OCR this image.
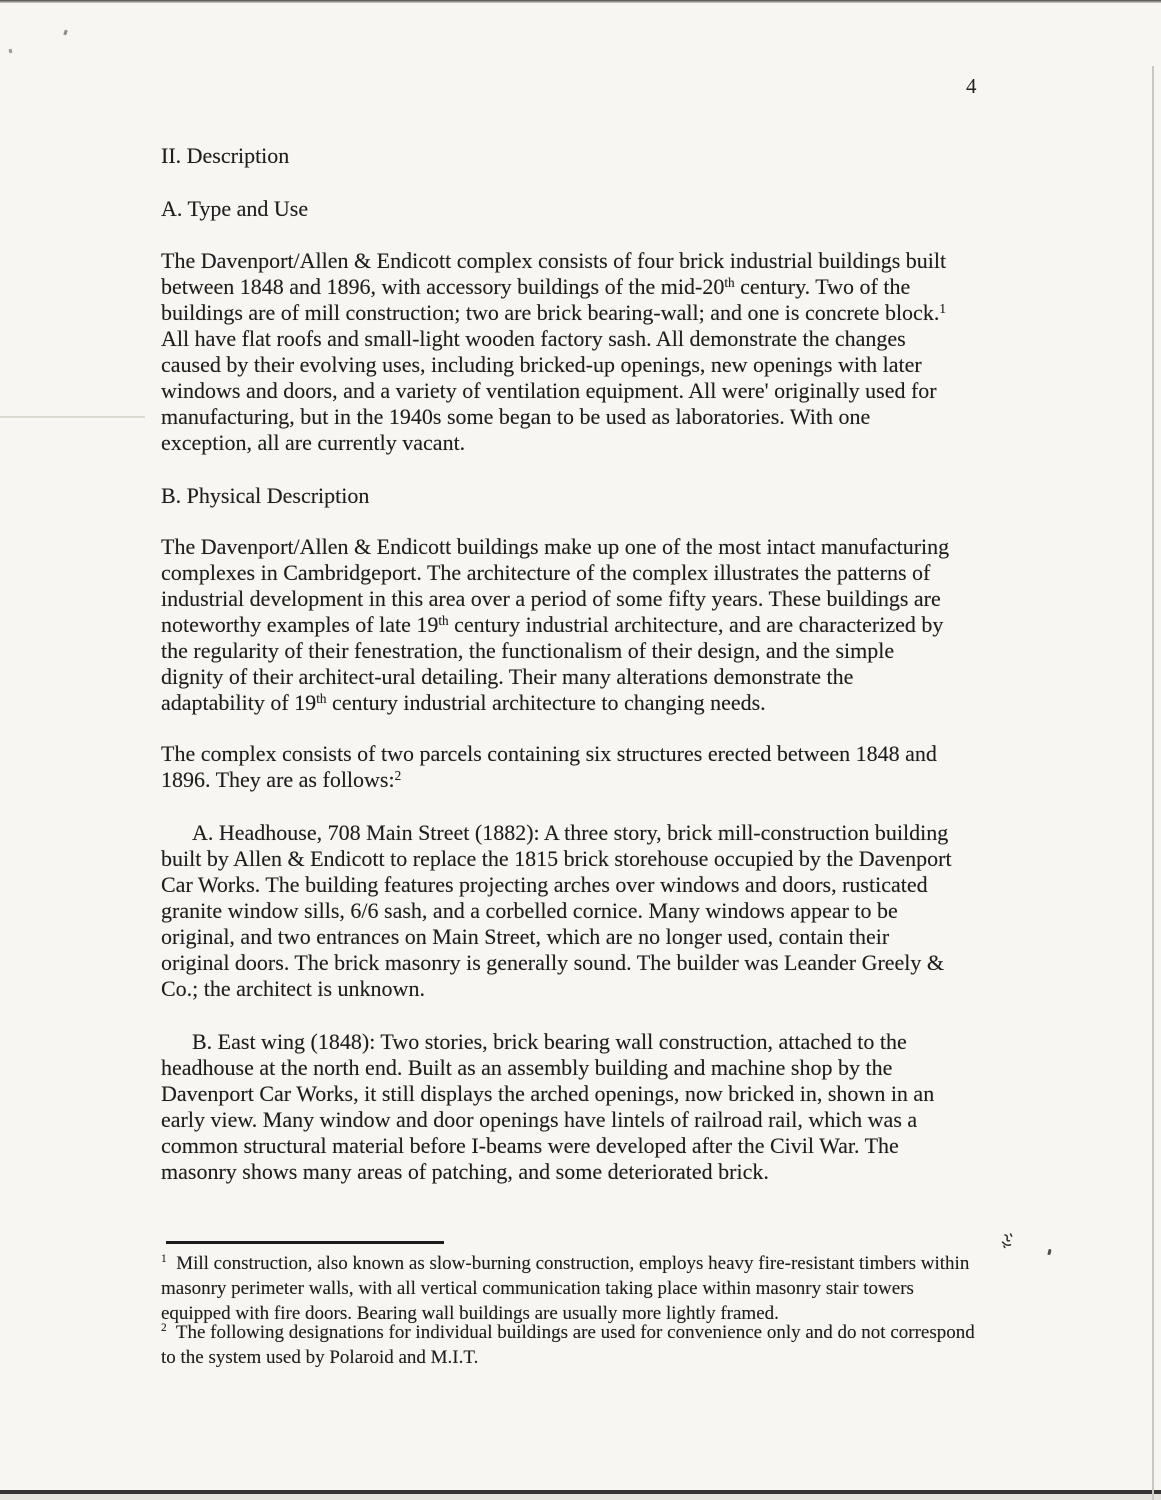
4
II. Description
A. Type and Use
The Davenport/Allen & Endicott complex consists of four brick industrial buildings built
between 1848 and 1896, with accessory buildings of the mid-20th century. Two of the
buildings are of mill construction; two are brick bearing-wall; and one is concrete block.$^1$
All have flat roofs and small-light wooden factory sash. All demonstrate the changes
caused by their evolving uses, including bricked-up openings, new openings with later
windows and doors, and a variety of ventilation equipment. All were' originally used for
manufacturing, but in the 1940s some began to be used as laboratories. With one
exception, all are currently vacant.
B. Physical Description
The Davenport/Allen & Endicott buildings make up one of the most intact manufacturing
complexes in Cambridgeport. The architecture of the complex illustrates the patterns of
industrial development in this area over a period of some fifty years. These buildings are
noteworthy examples of late 19th century industrial architecture, and are characterized by
the regularity of their fenestration, the functionalism of their design, and the simple
dignity of their architect-ural detailing. Their many alterations demonstrate the
adaptability of 19th century industrial architecture to changing needs.
The complex consists of two parcels containing six structures erected between 1848 and
1896. They are as follows:$^2$
A. Headhouse, 708 Main Street (1882): A three story, brick mill-construction building
built by Allen & Endicott to replace the 1815 brick storehouse occupied by the Davenport
Car Works. The building features projecting arches over windows and doors, rusticated
granite window sills, 6/6 sash, and a corbelled cornice. Many windows appear to be
original, and two entrances on Main Street, which are no longer used, contain their
original doors. The brick masonry is generally sound. The builder was Leander Greely &
Co.; the architect is unknown.
B. East wing (1848): Two stories, brick bearing wall construction, attached to the
headhouse at the north end. Built as an assembly building and machine shop by the
Davenport Car Works, it still displays the arched openings, now bricked in, shown in an
early view. Many window and door openings have lintels of railroad rail, which was a
common structural material before I-beams were developed after the Civil War. The
masonry shows many areas of patching, and some deteriorated brick.
$^1$  Mill construction, also known as slow-burning construction, employs heavy fire-resistant timbers within
masonry perimeter walls, with all vertical communication taking place within masonry stair towers
equipped with fire doors. Bearing wall buildings are usually more lightly framed.
$^2$  The following designations for individual buildings are used for convenience only and do not correspond
to the system used by Polaroid and M.I.T.
